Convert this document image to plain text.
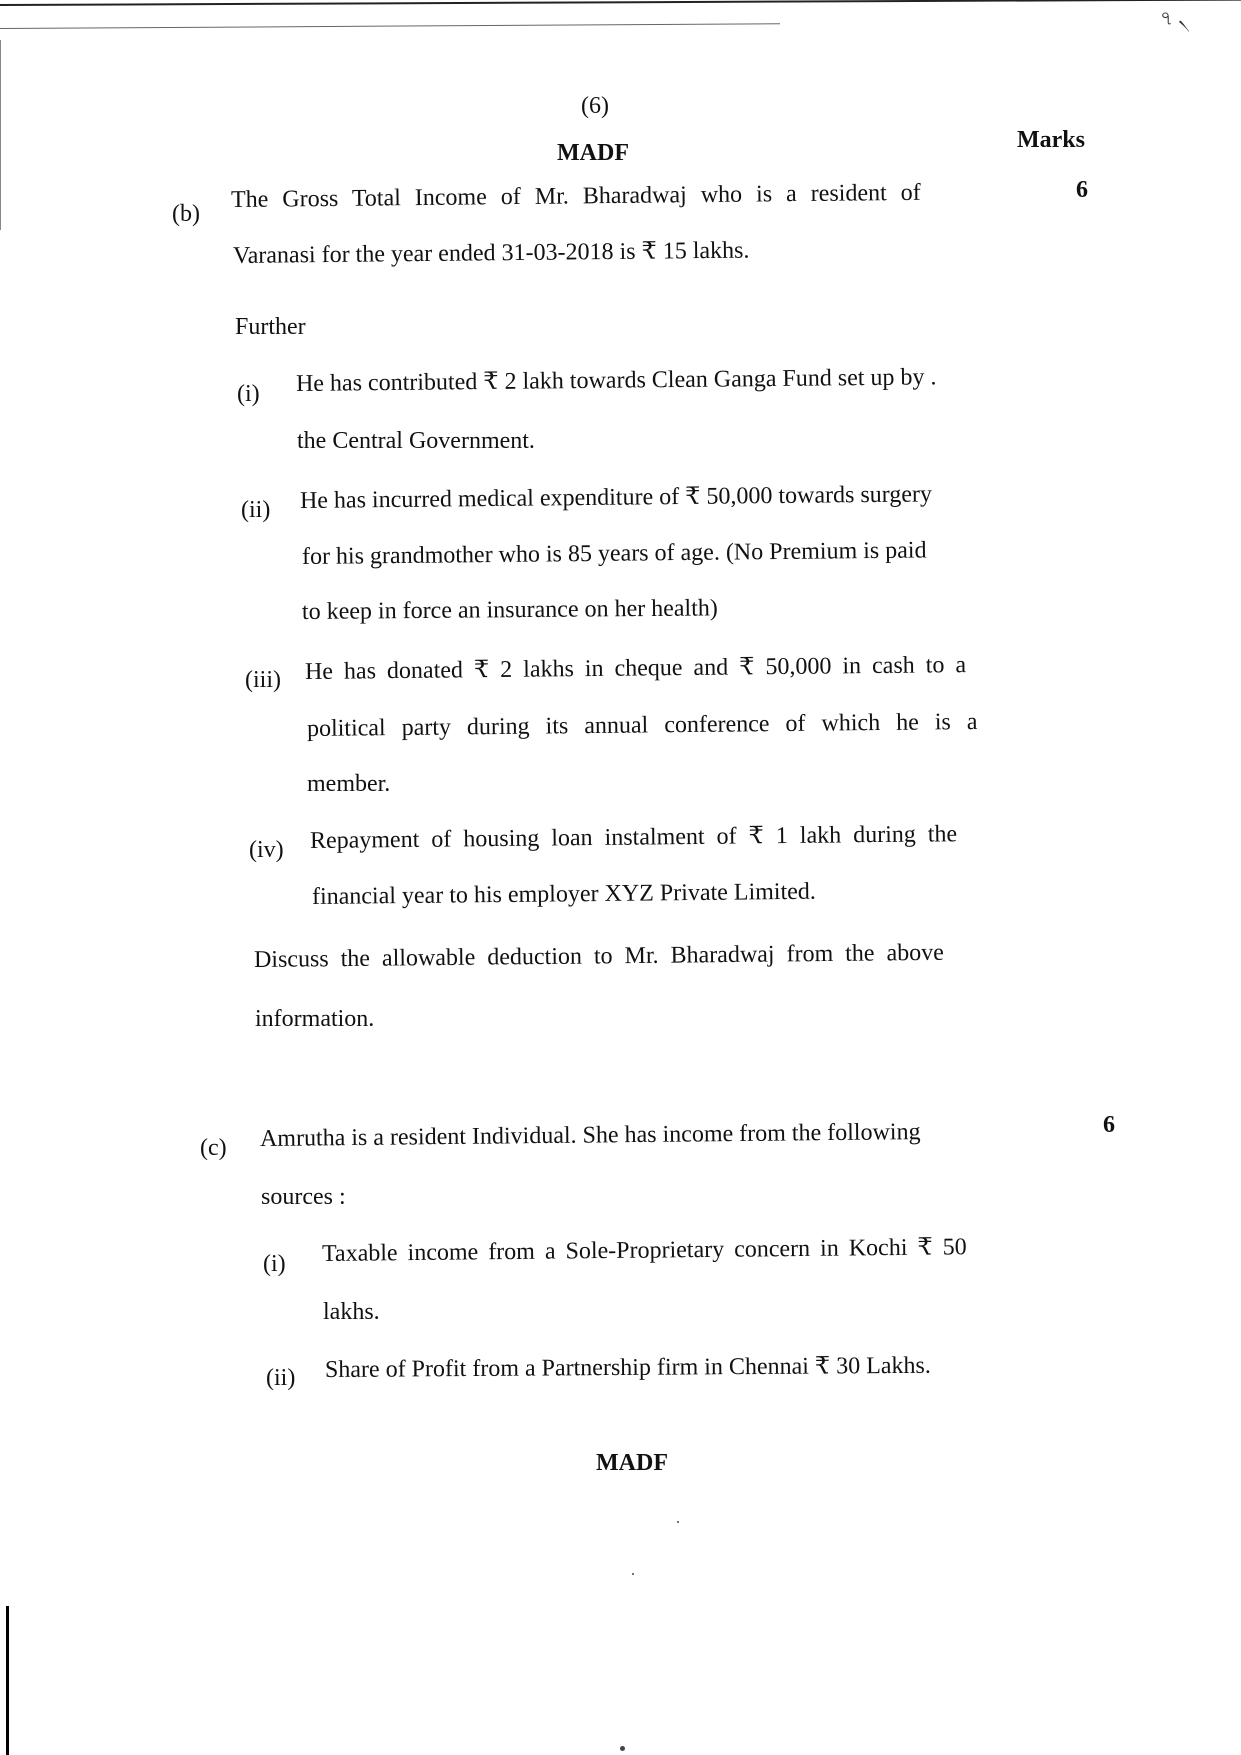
৭ ৲
(6)
MADF	Marks
(b)
6
The Gross Total Income of Mr. Bharadwaj who is a resident of
Varanasi for the year ended 31-03-2018 is ₹ 15 lakhs.
Further
(i) He has contributed ₹ 2 lakh towards Clean Ganga Fund set up by .
the Central Government.
(ii) He has incurred medical expenditure of ₹ 50,000 towards surgery
for his grandmother who is 85 years of age. (No Premium is paid
to keep in force an insurance on her health)
(iii) He has donated ₹ 2 lakhs in cheque and ₹ 50,000 in cash to a
political party during its annual conference of which he is a
member.
(iv) Repayment of housing loan instalment of ₹ 1 lakh during the
financial year to his employer XYZ Private Limited.
Discuss the allowable deduction to Mr. Bharadwaj from the above
information.
(c)
6
Amrutha is a resident Individual. She has income from the following
sources :
(i) Taxable income from a Sole-Proprietary concern in Kochi ₹ 50
lakhs.
(ii) Share of Profit from a Partnership firm in Chennai ₹ 30 Lakhs.
MADF
